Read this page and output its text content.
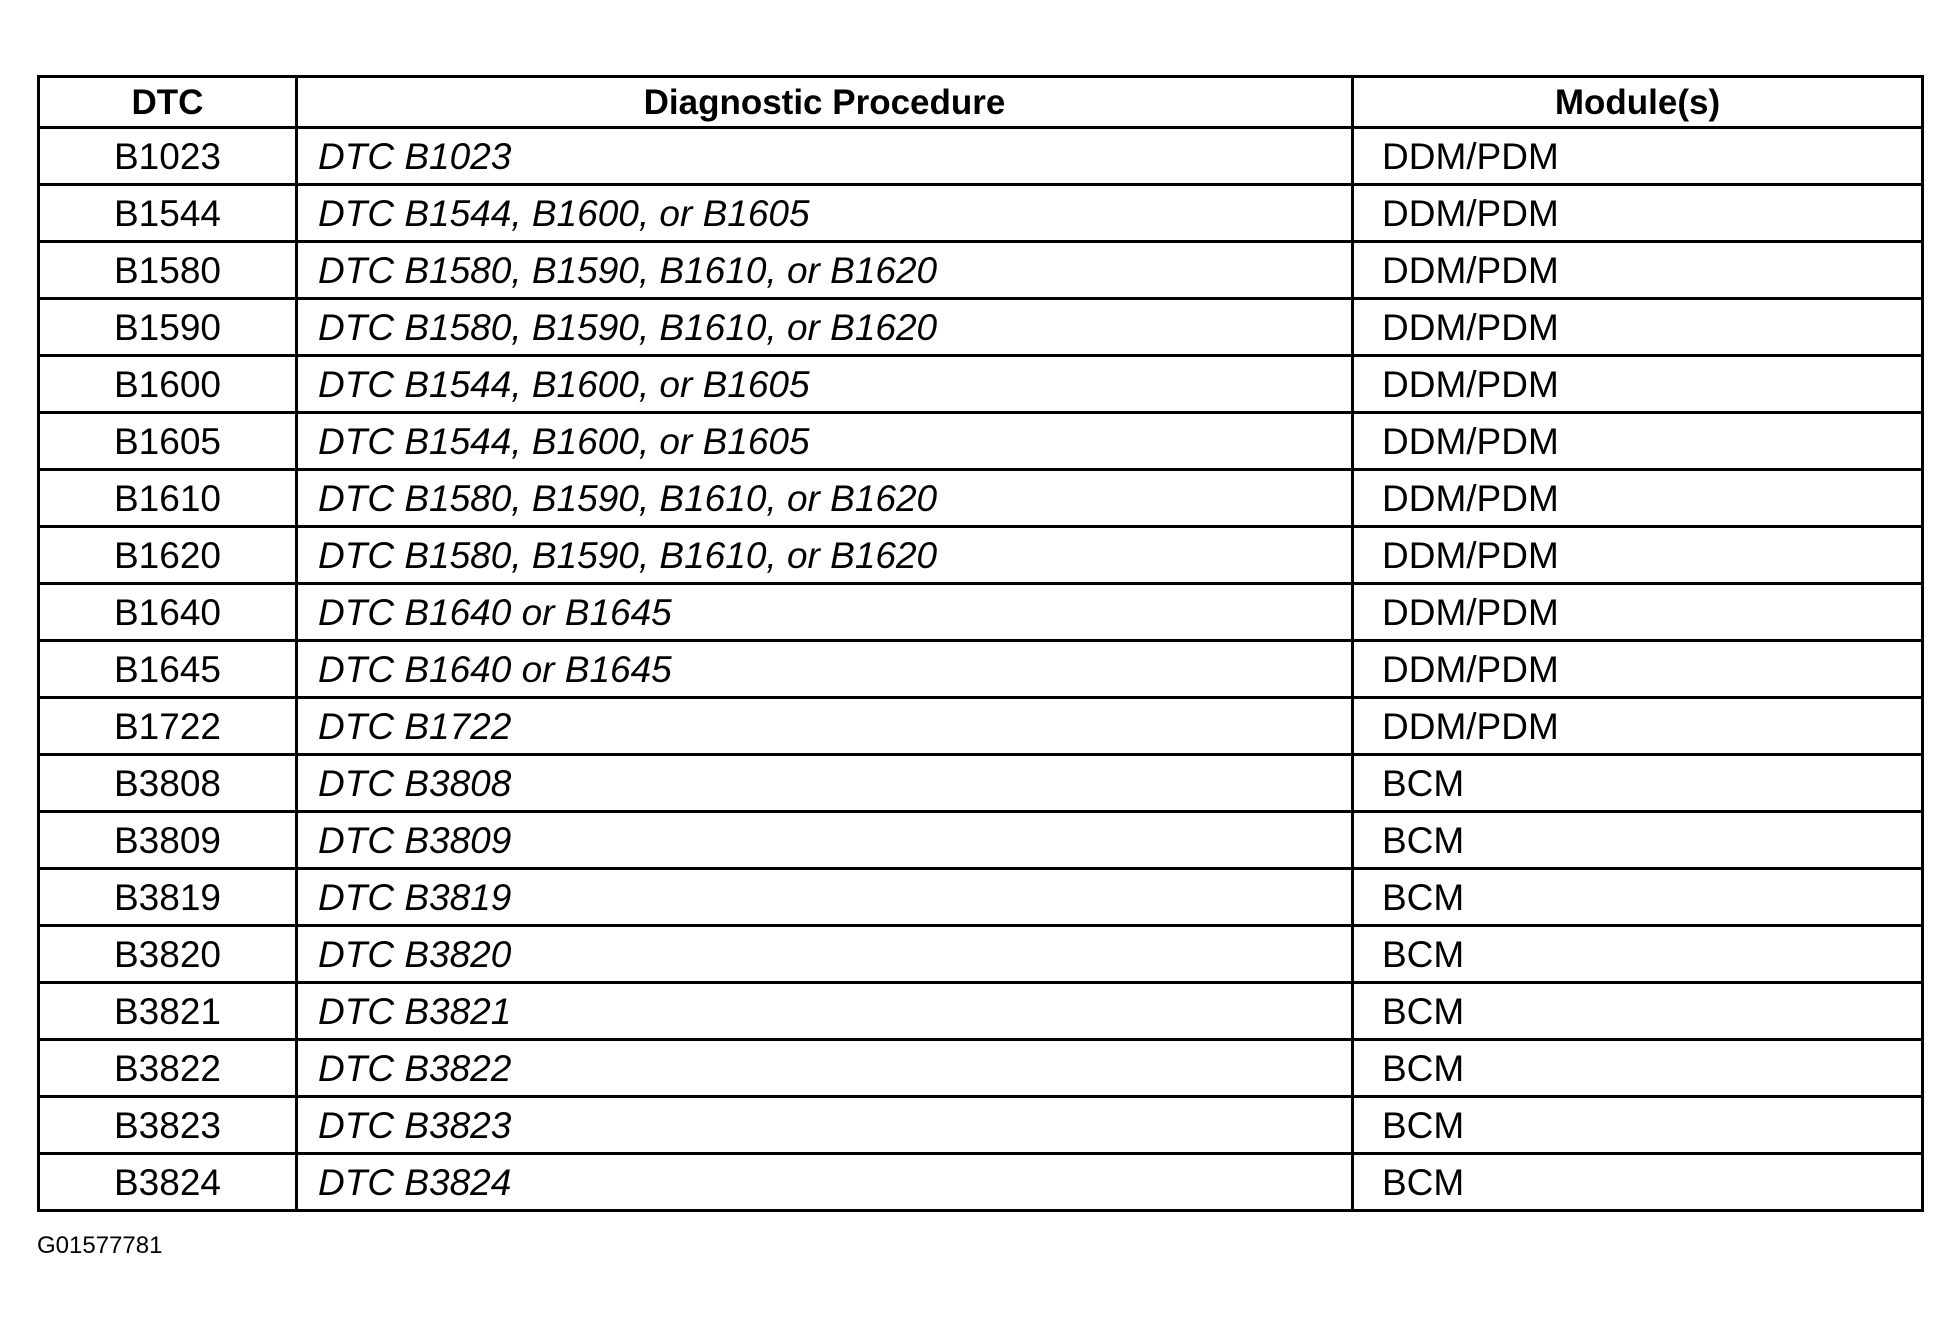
DTC	Diagnostic Procedure	Module(s)
B1023	DTC B1023	DDM/PDM
B1544	DTC B1544, B1600, or B1605	DDM/PDM
B1580	DTC B1580, B1590, B1610, or B1620	DDM/PDM
B1590	DTC B1580, B1590, B1610, or B1620	DDM/PDM
B1600	DTC B1544, B1600, or B1605	DDM/PDM
B1605	DTC B1544, B1600, or B1605	DDM/PDM
B1610	DTC B1580, B1590, B1610, or B1620	DDM/PDM
B1620	DTC B1580, B1590, B1610, or B1620	DDM/PDM
B1640	DTC B1640 or B1645	DDM/PDM
B1645	DTC B1640 or B1645	DDM/PDM
B1722	DTC B1722	DDM/PDM
B3808	DTC B3808	BCM
B3809	DTC B3809	BCM
B3819	DTC B3819	BCM
B3820	DTC B3820	BCM
B3821	DTC B3821	BCM
B3822	DTC B3822	BCM
B3823	DTC B3823	BCM
B3824	DTC B3824	BCM
G01577781
